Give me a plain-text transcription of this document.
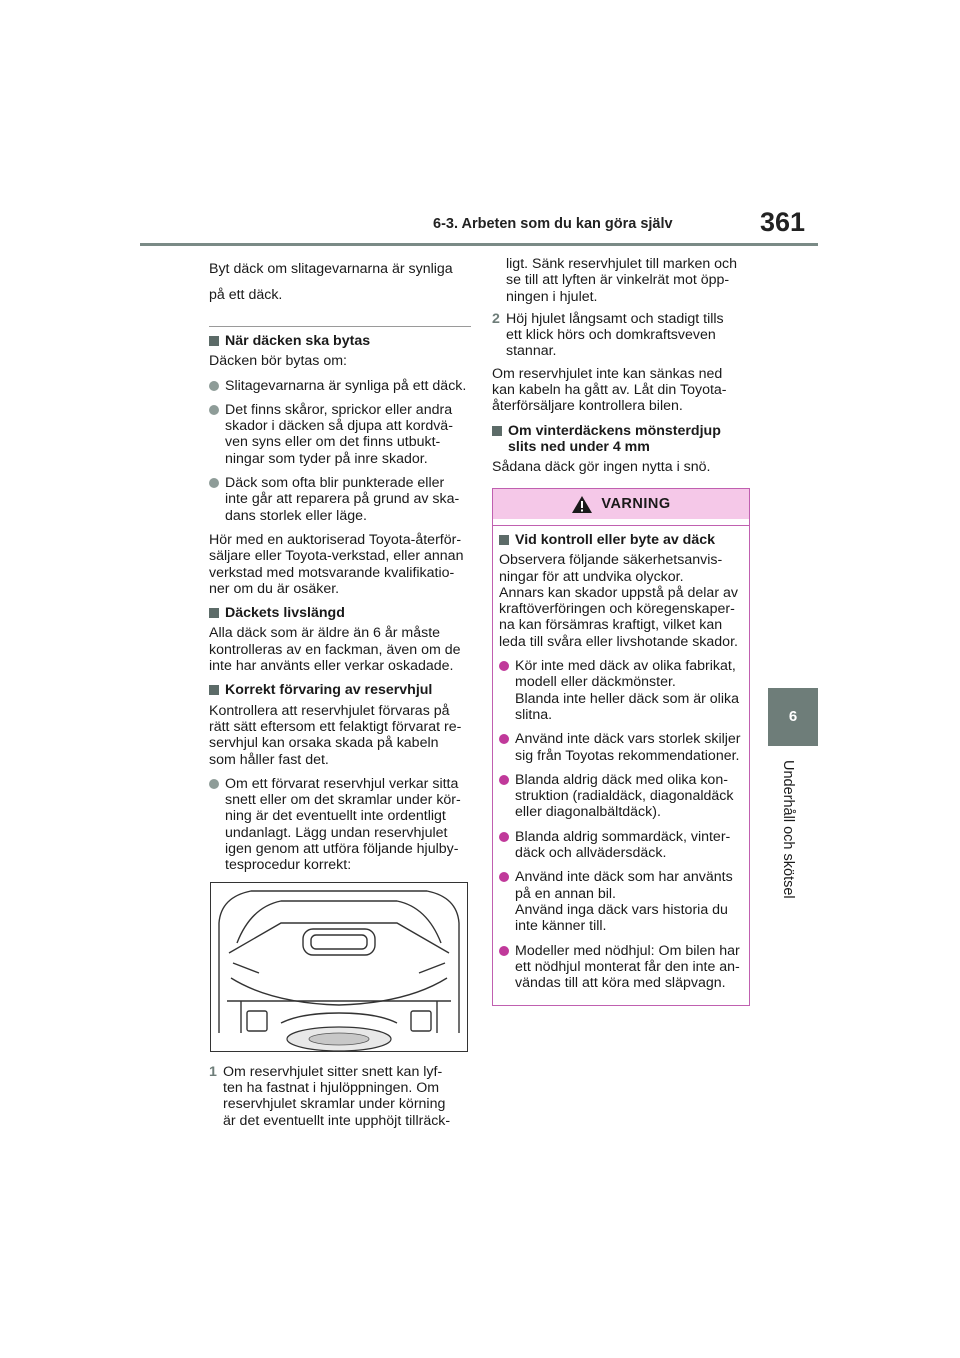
6-3. Arbeten som du kan göra själv	361
6
Underhåll och skötsel
Byt däck om slitagevarnarna är synliga
på ett däck.
När däcken ska bytas
Däcken bör bytas om:
Slitagevarnarna är synliga på ett däck.
Det finns skåror, sprickor eller andra
skador i däcken så djupa att kordvä-
ven syns eller om det finns utbukt-
ningar som tyder på inre skador.
Däck som ofta blir punkterade eller
inte går att reparera på grund av ska-
dans storlek eller läge.
Hör med en auktoriserad Toyota-återför-
säljare eller Toyota-verkstad, eller annan
verkstad med motsvarande kvalifikatio-
ner om du är osäker.
Däckets livslängd
Alla däck som är äldre än 6 år måste
kontrolleras av en fackman, även om de
inte har använts eller verkar oskadade.
Korrekt förvaring av reservhjul
Kontrollera att reservhjulet förvaras på
rätt sätt eftersom ett felaktigt förvarat re-
servhjul kan orsaka skada på kabeln
som håller fast det.
Om ett förvarat reservhjul verkar sitta
snett eller om det skramlar under kör-
ning är det eventuellt inte ordentligt
undanlagt. Lägg undan reservhjulet
igen genom att utföra följande hjulby-
tesprocedur korrekt:
1 Om reservhjulet sitter snett kan lyf-
ten ha fastnat i hjulöppningen. Om
reservhjulet skramlar under körning
är det eventuellt inte upphöjt tillräck-
ligt. Sänk reservhjulet till marken och
se till att lyften är vinkelrät mot öpp-
ningen i hjulet.
2 Höj hjulet långsamt och stadigt tills
ett klick hörs och domkraftsveven
stannar.
Om reservhjulet inte kan sänkas ned
kan kabeln ha gått av. Låt din Toyota-
återförsäljare kontrollera bilen.
Om vinterdäckens mönsterdjup
slits ned under 4 mm
Sådana däck gör ingen nytta i snö.
VARNING
Vid kontroll eller byte av däck
Observera följande säkerhetsanvis-
ningar för att undvika olyckor.
Annars kan skador uppstå på delar av
kraftöverföringen och köregenskaper-
na kan försämras kraftigt, vilket kan
leda till svåra eller livshotande skador.
Kör inte med däck av olika fabrikat,
modell eller däckmönster.
Blanda inte heller däck som är olika
slitna.
Använd inte däck vars storlek skiljer
sig från Toyotas rekommendationer.
Blanda aldrig däck med olika kon-
struktion (radialdäck, diagonaldäck
eller diagonalbältdäck).
Blanda aldrig sommardäck, vinter-
däck och allvädersdäck.
Använd inte däck som har använts
på en annan bil.
Använd inga däck vars historia du
inte känner till.
Modeller med nödhjul: Om bilen har
ett nödhjul monterat får den inte an-
vändas till att köra med släpvagn.
